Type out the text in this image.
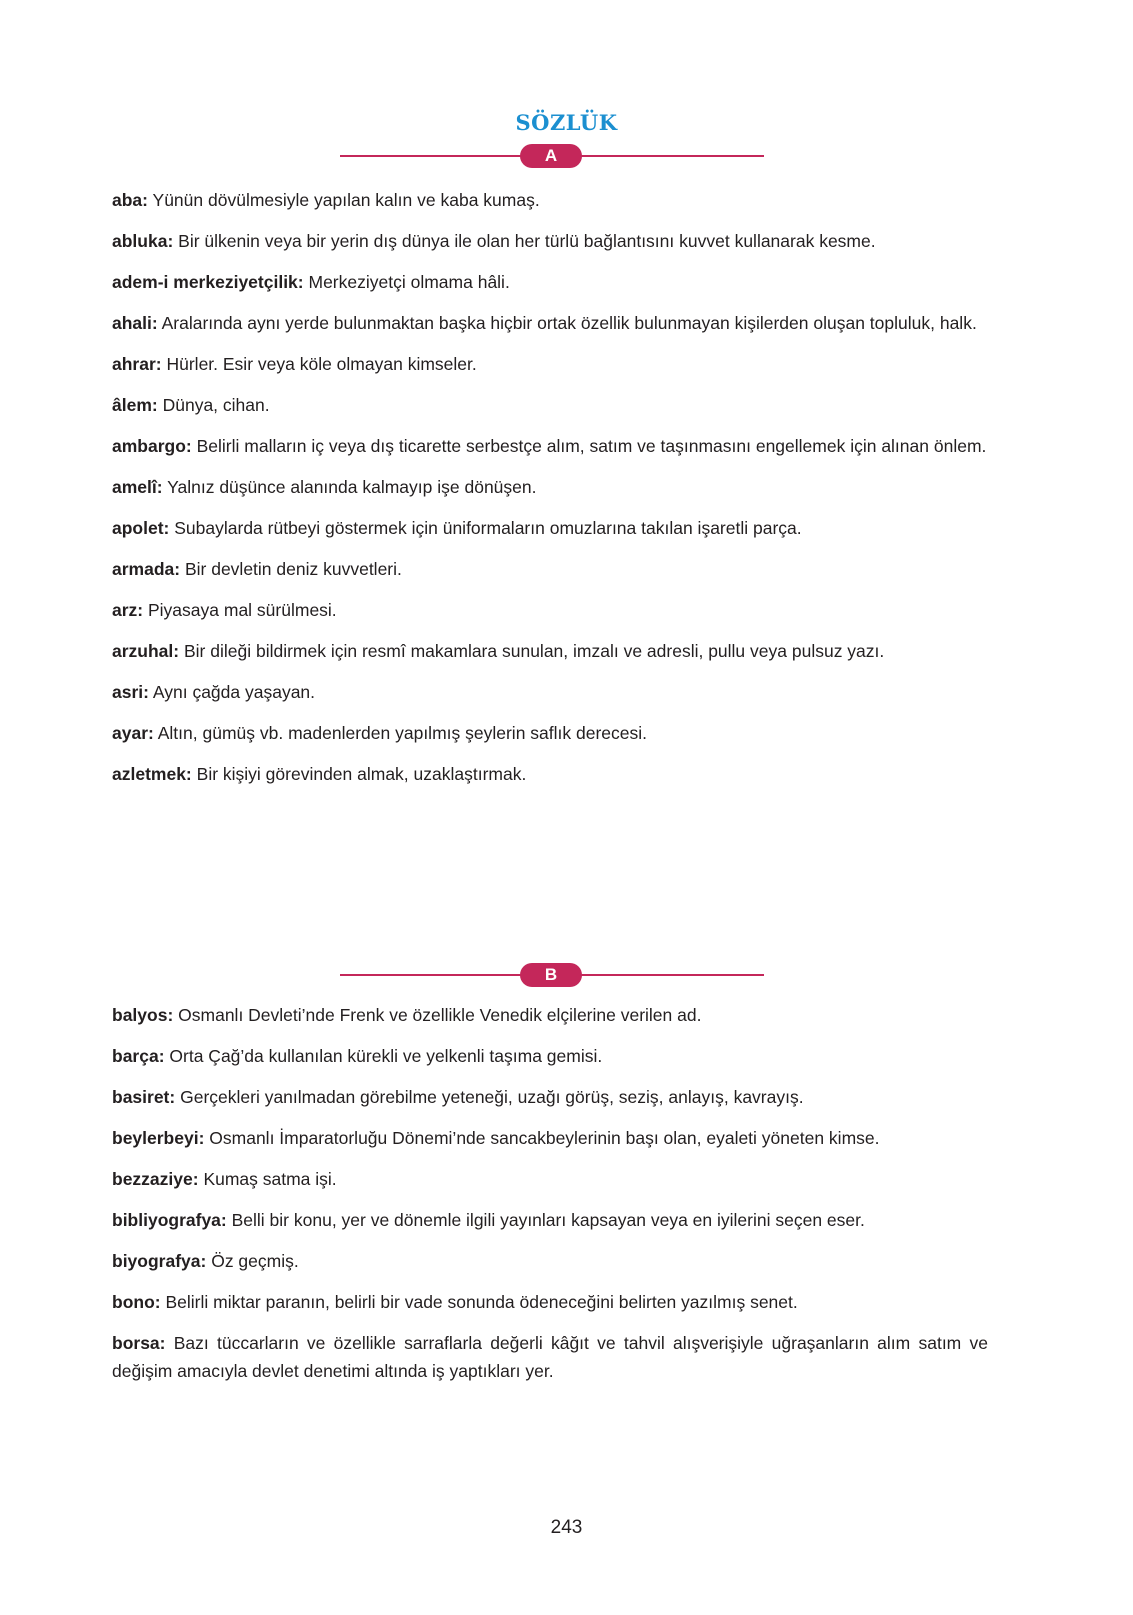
SÖZLÜK
A

aba: Yünün dövülmesiyle yapılan kalın ve kaba kumaş.

abluka: Bir ülkenin veya bir yerin dış dünya ile olan her türlü bağlantısını kuvvet kullanarak kesme.

adem-i merkeziyetçilik: Merkeziyetçi olmama hâli.

ahali: Aralarında aynı yerde bulunmaktan başka hiçbir ortak özellik bulunmayan kişilerden oluşan topluluk, halk.

ahrar: Hürler. Esir veya köle olmayan kimseler.

âlem: Dünya, cihan.

ambargo: Belirli malların iç veya dış ticarette serbestçe alım, satım ve taşınmasını engellemek için alınan önlem.

amelî: Yalnız düşünce alanında kalmayıp işe dönüşen.

apolet: Subaylarda rütbeyi göstermek için üniformaların omuzlarına takılan işaretli parça.

armada: Bir devletin deniz kuvvetleri.

arz: Piyasaya mal sürülmesi.

arzuhal: Bir dileği bildirmek için resmî makamlara sunulan, imzalı ve adresli, pullu veya pulsuz yazı.

asri: Aynı çağda yaşayan.

ayar: Altın, gümüş vb. madenlerden yapılmış şeylerin saflık derecesi.

azletmek: Bir kişiyi görevinden almak, uzaklaştırmak.

B

balyos: Osmanlı Devleti’nde Frenk ve özellikle Venedik elçilerine verilen ad.

barça: Orta Çağ’da kullanılan kürekli ve yelkenli taşıma gemisi.

basiret: Gerçekleri yanılmadan görebilme yeteneği, uzağı görüş, seziş, anlayış, kavrayış.

beylerbeyi: Osmanlı İmparatorluğu Dönemi’nde sancakbeylerinin başı olan, eyaleti yöneten kimse.

bezzaziye: Kumaş satma işi.

bibliyografya: Belli bir konu, yer ve dönemle ilgili yayınları kapsayan veya en iyilerini seçen eser.

biyografya: Öz geçmiş.

bono: Belirli miktar paranın, belirli bir vade sonunda ödeneceğini belirten yazılmış senet.

borsa: Bazı tüccarların ve özellikle sarraflarla değerli kâğıt ve tahvil alışverişiyle uğraşanların alım satım ve değişim amacıyla devlet denetimi altında iş yaptıkları yer.

243
